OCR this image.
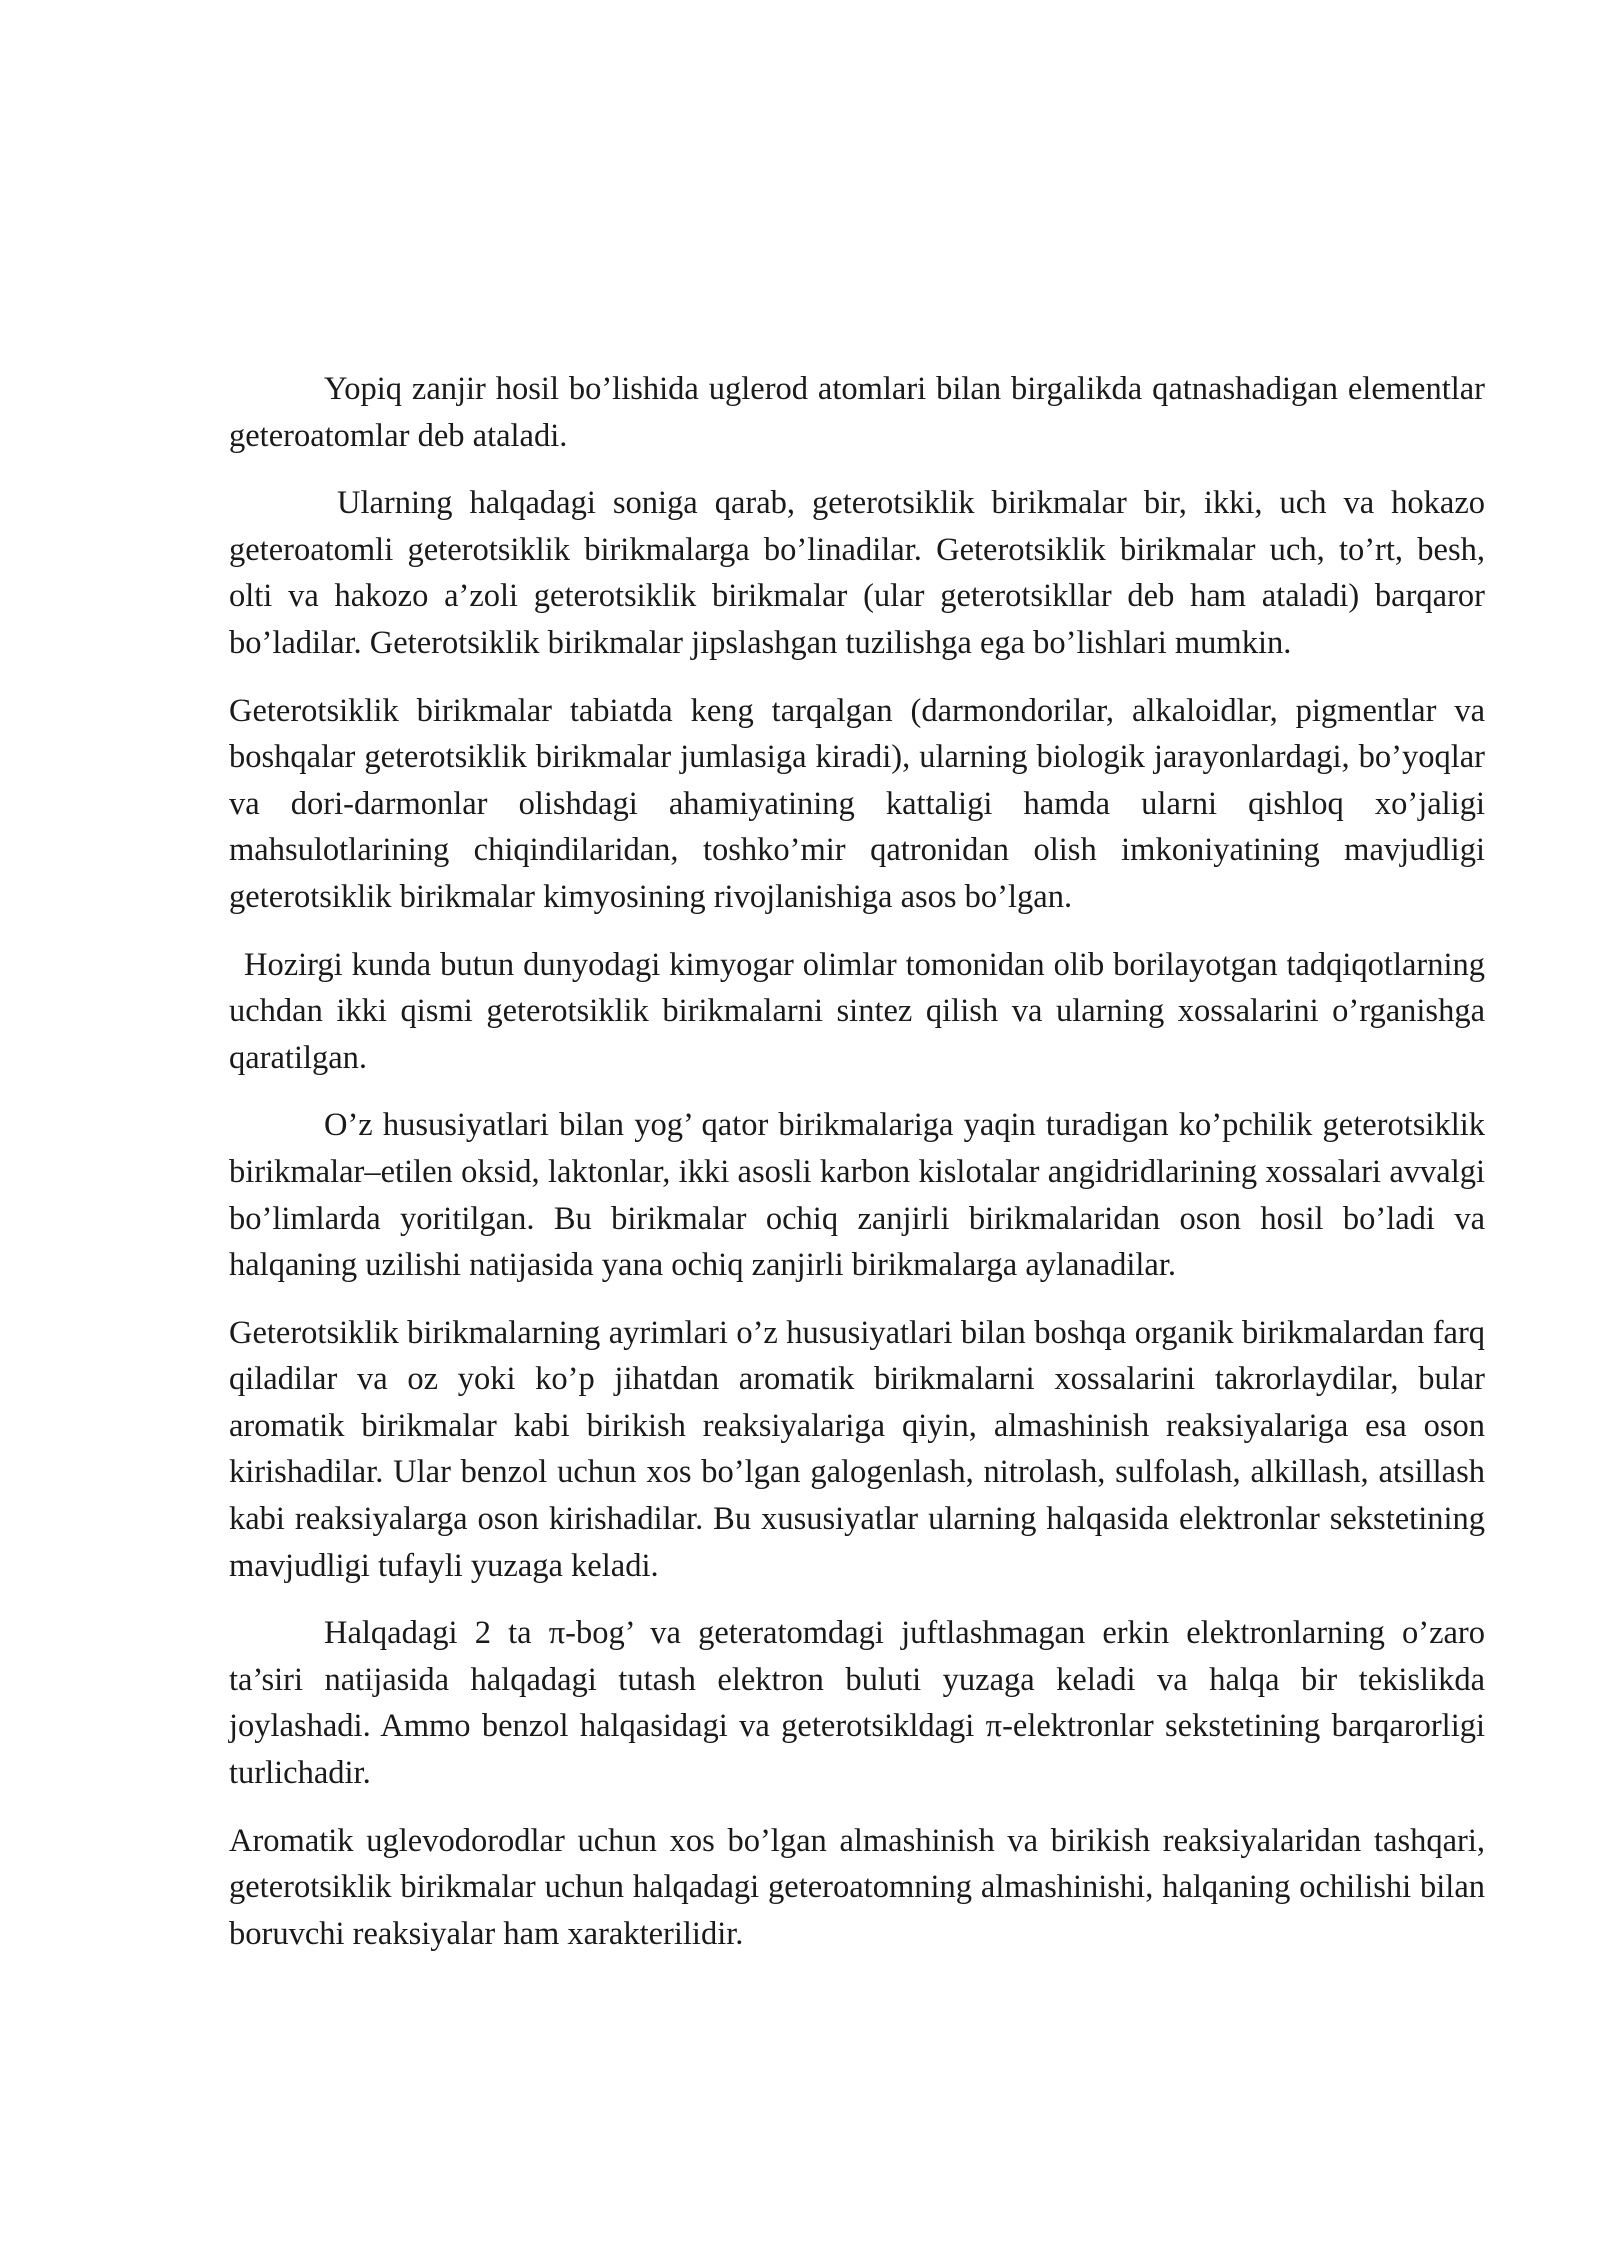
Yopiq zanjir hosil bo’lishida uglerod atomlari bilan birgalikda qatnashadigan elementlar geteroatomlar deb ataladi.

Ularning halqadagi soniga qarab, geterotsiklik birikmalar bir, ikki, uch va hokazo geteroatomli geterotsiklik birikmalarga bo’linadilar. Geterotsiklik birikmalar uch, to’rt, besh, olti va hakozo a’zoli geterotsiklik birikmalar (ular geterotsikllar deb ham ataladi) barqaror bo’ladilar. Geterotsiklik birikmalar jipslashgan tuzilishga ega bo’lishlari mumkin.

Geterotsiklik birikmalar tabiatda keng tarqalgan (darmondorilar, alkaloidlar, pigmentlar va boshqalar geterotsiklik birikmalar jumlasiga kiradi), ularning biologik jarayonlardagi, bo’yoqlar va dori-darmonlar olishdagi ahamiyatining kattaligi hamda ularni qishloq xo’jaligi mahsulotlarining chiqindilaridan, toshko’mir qatronidan olish imkoniyatining mavjudligi geterotsiklik birikmalar kimyosining rivojlanishiga asos bo’lgan.

Hozirgi kunda butun dunyodagi kimyogar olimlar tomonidan olib borilayotgan tadqiqotlarning uchdan ikki qismi geterotsiklik birikmalarni sintez qilish va ularning xossalarini o’rganishga qaratilgan.

O’z hususiyatlari bilan yog’ qator birikmalariga yaqin turadigan ko’pchilik geterotsiklik birikmalar–etilen oksid, laktonlar, ikki asosli karbon kislotalar angidridlarining xossalari avvalgi bo’limlarda yoritilgan. Bu birikmalar ochiq zanjirli birikmalaridan oson hosil bo’ladi va halqaning uzilishi natijasida yana ochiq zanjirli birikmalarga aylanadilar.

Geterotsiklik birikmalarning ayrimlari o’z hususiyatlari bilan boshqa organik birikmalardan farq qiladilar va oz yoki ko’p jihatdan aromatik birikmalarni xossalarini takrorlaydilar, bular aromatik birikmalar kabi birikish reaksiyalariga qiyin, almashinish reaksiyalariga esa oson kirishadilar. Ular benzol uchun xos bo’lgan galogenlash, nitrolash, sulfolash, alkillash, atsillash kabi reaksiyalarga oson kirishadilar. Bu xususiyatlar ularning halqasida elektronlar sekstetining mavjudligi tufayli yuzaga keladi.

Halqadagi 2 ta π-bog’ va geteratomdagi juftlashmagan erkin elektronlarning o’zaro ta’siri natijasida halqadagi tutash elektron buluti yuzaga keladi va halqa bir tekislikda joylashadi. Ammo benzol halqasidagi va geterotsikldagi π-elektronlar sekstetining barqarorligi turlichadir.

Aromatik uglevodorodlar uchun xos bo’lgan almashinish va birikish reaksiyalaridan tashqari, geterotsiklik birikmalar uchun halqadagi geteroatomning almashinishi, halqaning ochilishi bilan boruvchi reaksiyalar ham xarakterilidir.
